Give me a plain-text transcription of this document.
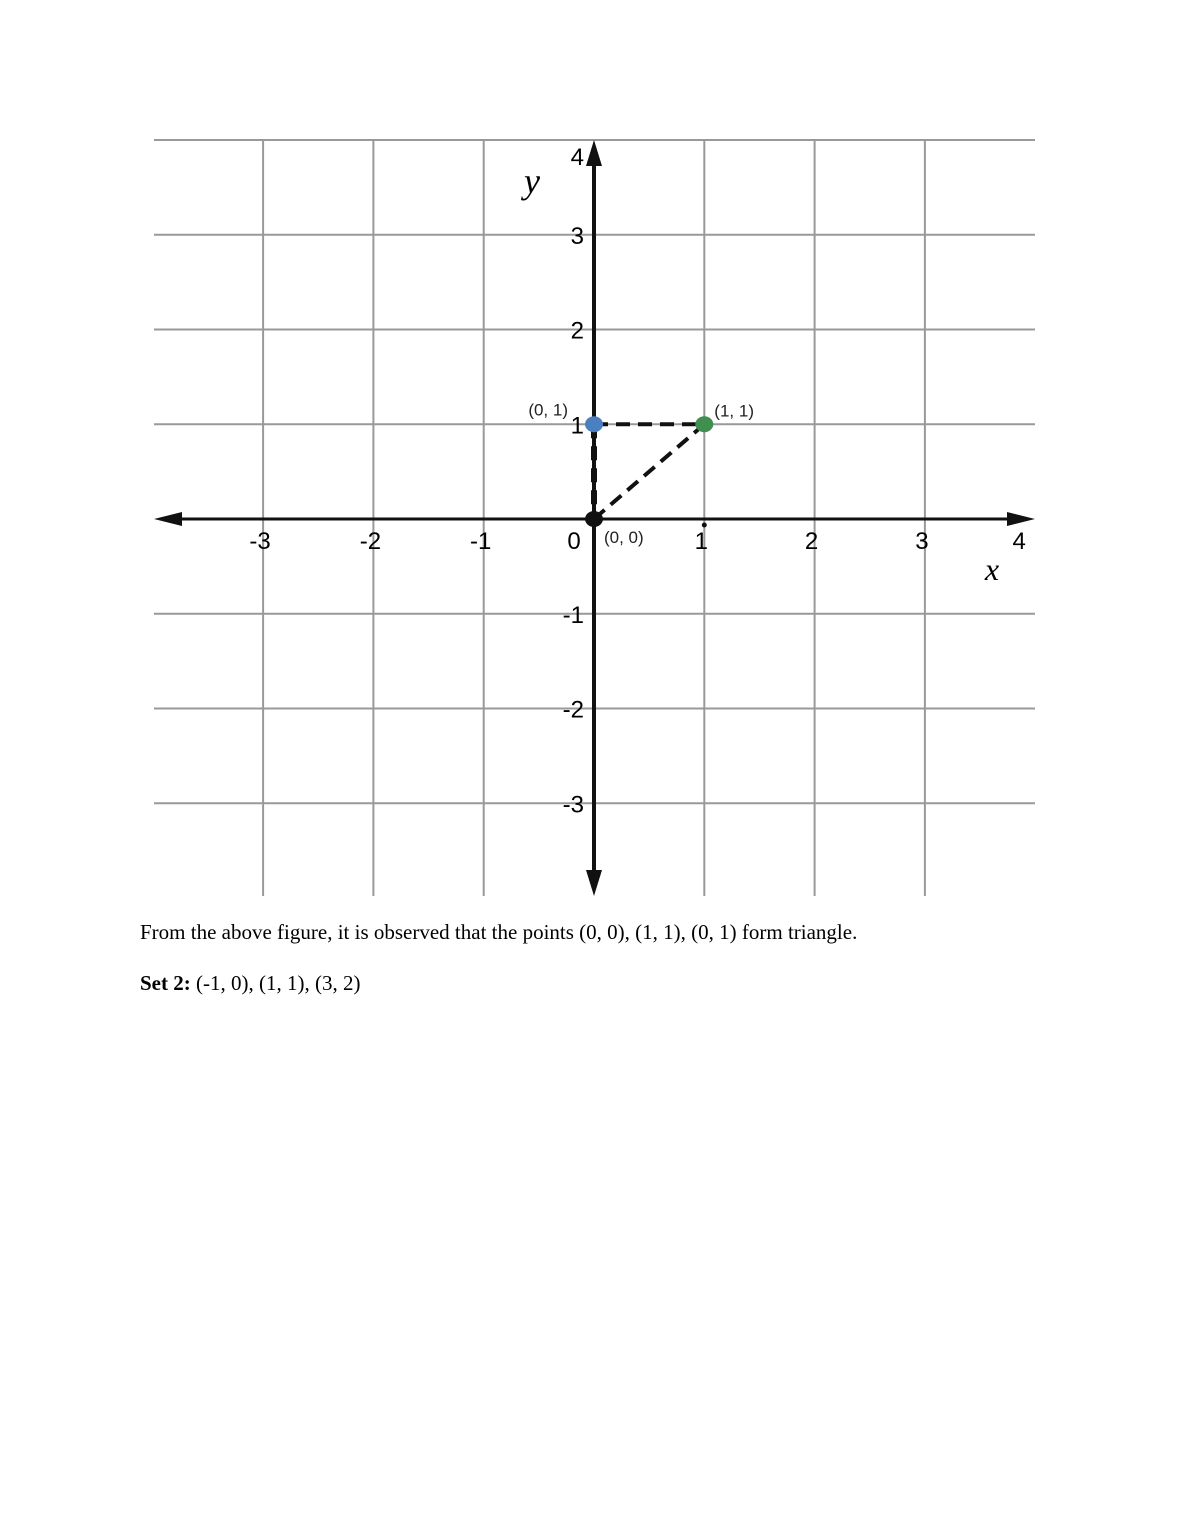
-3	-2	-1	0	1	2	3	4
4
3
2
1
-1
-2
-3
(0, 0)
(1, 1)
(0, 1)
x
y
From the above figure, it is observed that the points (0, 0), (1, 1), (0, 1) form triangle.
Set 2: (-1, 0), (1, 1), (3, 2)
